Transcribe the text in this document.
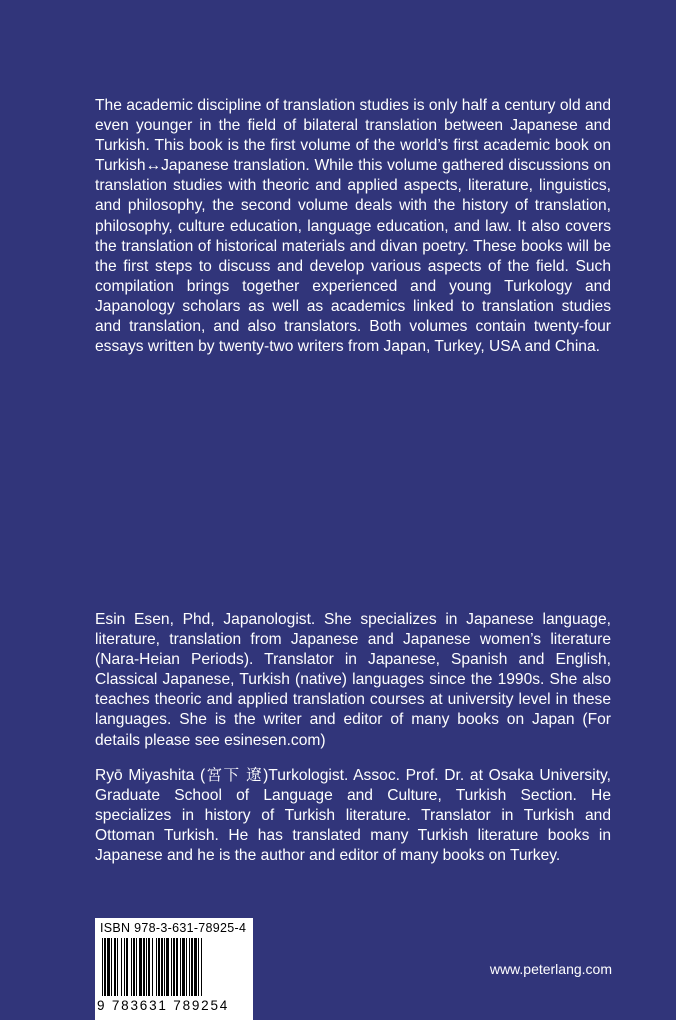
The academic discipline of translation studies is only half a century old and even younger in the field of bilateral translation between Japanese and Turkish. This book is the first volume of the world’s first academic book on Turkish↔Japanese translation. While this volume gathered discussions on translation studies with theoric and applied aspects, literature, linguistics, and philosophy, the second volume deals with the history of translation, philosophy, culture education, language education, and law. It also covers the translation of historical materials and divan poetry. These books will be the first steps to discuss and develop various aspects of the field. Such compilation brings together experienced and young Turkology and Japanology scholars as well as academics linked to translation studies and translation, and also translators. Both volumes contain twenty-four essays written by twenty-two writers from Japan, Turkey, USA and China.

Esin Esen, Phd, Japanologist. She specializes in Japanese language, literature, translation from Japanese and Japanese women’s literature (Nara-Heian Periods). Translator in Japanese, Spanish and English, Classical Japanese, Turkish (native) languages since the 1990s. She also teaches theoric and applied translation courses at university level in these languages. She is the writer and editor of many books on Japan (For details please see esinesen.com)

Ryō Miyashita (宮下 遼)Turkologist. Assoc. Prof. Dr. at Osaka University, Graduate School of Language and Culture, Turkish Section. He specializes in history of Turkish literature. Translator in Turkish and Ottoman Turkish. He has translated many Turkish literature books in Japanese and he is the author and editor of many books on Turkey.

ISBN 978-3-631-78925-4
9 783631 789254
www.peterlang.com
